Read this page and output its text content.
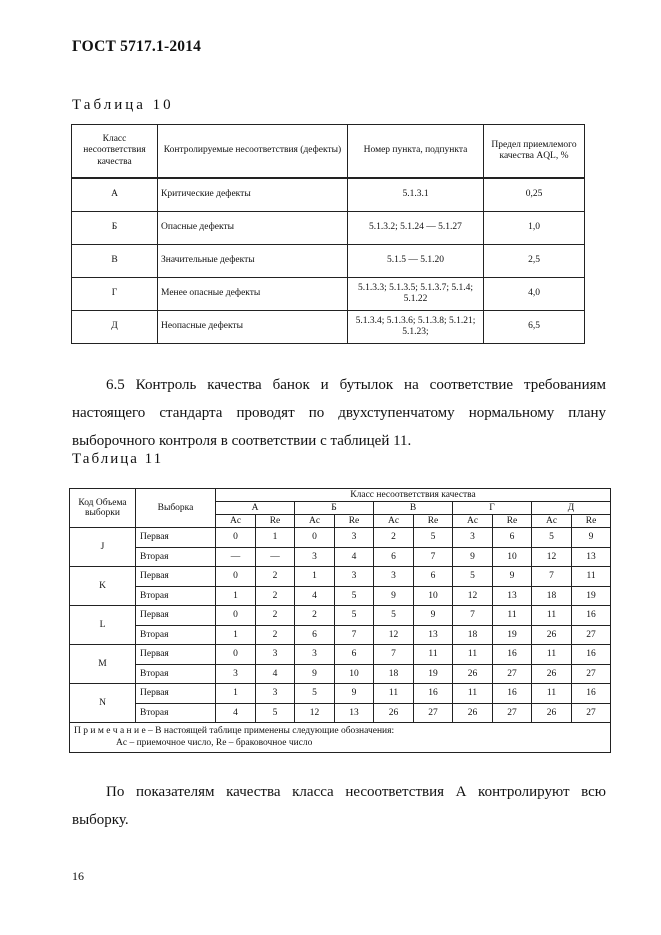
ГОСТ 5717.1-2014
Таблица 10
Класс несоответствия качества	Контролируемые несоответствия (дефекты)	Номер пункта, подпункта	Предел приемлемого качества AQL, %
А	Критические дефекты	5.1.3.1	0,25
Б	Опасные дефекты	5.1.3.2; 5.1.24 — 5.1.27	1,0
В	Значительные дефекты	5.1.5 — 5.1.20	2,5
Г	Менее опасные дефекты	5.1.3.3; 5.1.3.5; 5.1.3.7; 5.1.4; 5.1.22	4,0
Д	Неопасные дефекты	5.1.3.4; 5.1.3.6; 5.1.3.8; 5.1.21; 5.1.23;	6,5
6.5 Контроль качества банок и бутылок на соответствие требованиям настоящего стандарта проводят по двухступенчатому нормальному плану выборочного контроля в соответствии с таблицей 11.
Таблица 11
Код Объема выборки	Выборка	Класс несоответствия качества									
		А		Б		В		Г		Д	
		Ac	Re	Ac	Re	Ac	Re	Ac	Re	Ac	Re
J	Первая	0	1	0	3	2	5	3	6	5	9
	Вторая	—	—	3	4	6	7	9	10	12	13
K	Первая	0	2	1	3	3	6	5	9	7	11
	Вторая	1	2	4	5	9	10	12	13	18	19
L	Первая	0	2	2	5	5	9	7	11	11	16
	Вторая	1	2	6	7	12	13	18	19	26	27
M	Первая	0	3	3	6	7	11	11	16	11	16
	Вторая	3	4	9	10	18	19	26	27	26	27
N	Первая	1	3	5	9	11	16	11	16	11	16
	Вторая	4	5	12	13	26	27	26	27	26	27

П р и м е ч а н и е – В настоящей таблице применены следующие обозначения:
Ac – приемочное число, Re – браковочное число											
По показателям качества класса несоответствия А контролируют всю выборку.
16
